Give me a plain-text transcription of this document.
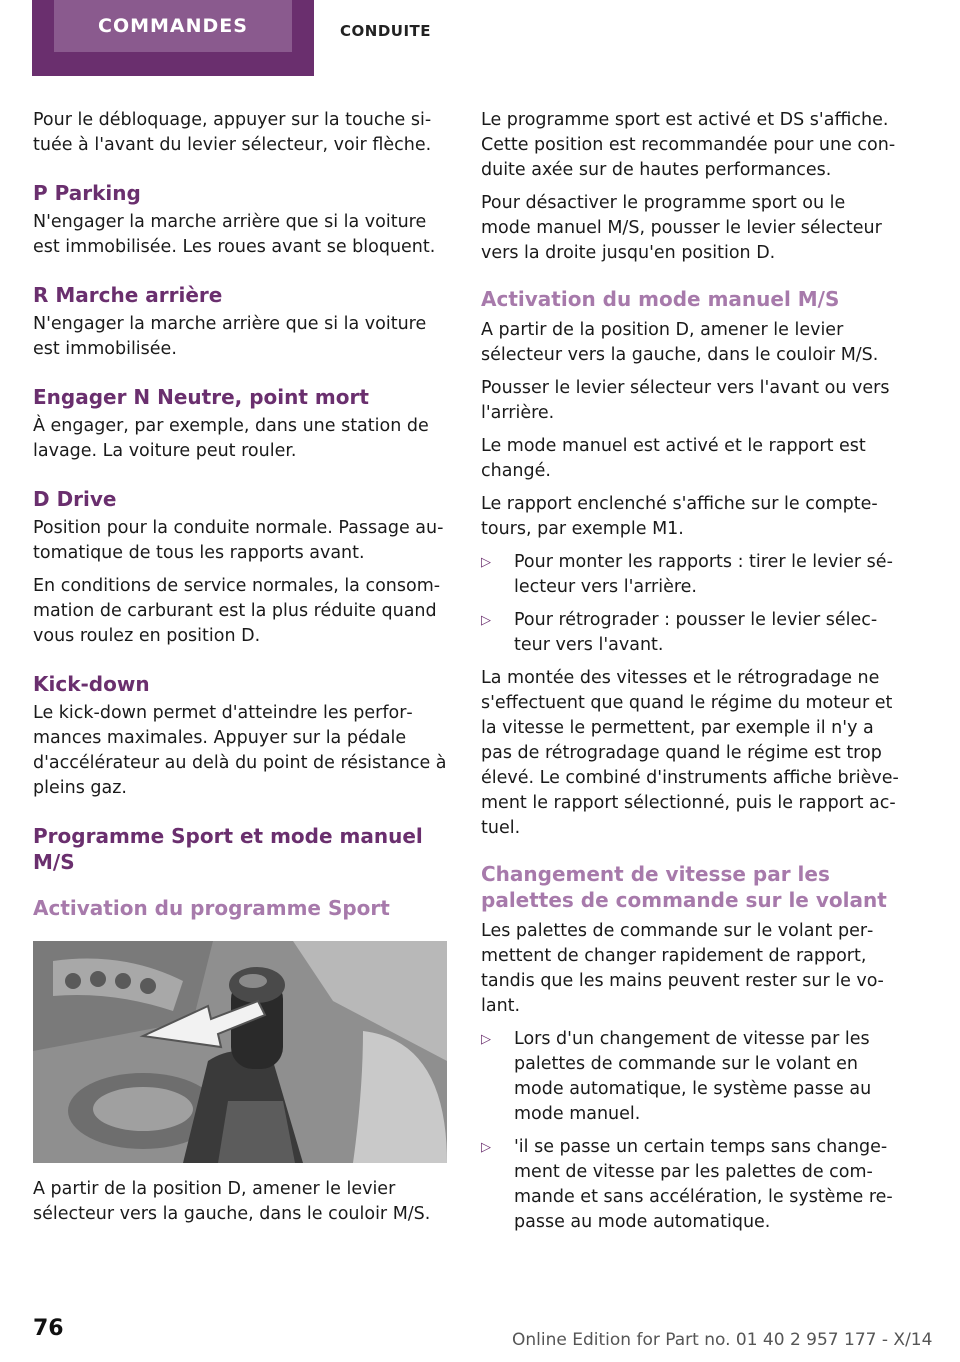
COMMANDES	CONDUITE

Pour le débloquage, appuyer sur la touche située à l'avant du levier sélecteur, voir flèche.

P Parking

N'engager la marche arrière que si la voiture est immobilisée. Les roues avant se bloquent.

R Marche arrière

N'engager la marche arrière que si la voiture est immobilisée.

Engager N Neutre, point mort

À engager, par exemple, dans une station de lavage. La voiture peut rouler.

D Drive

Position pour la conduite normale. Passage automatique de tous les rapports avant.

En conditions de service normales, la consommation de carburant est la plus réduite quand vous roulez en position D.

Kick-down

Le kick-down permet d'atteindre les performances maximales. Appuyer sur la pédale d'accélérateur au delà du point de résistance à pleins gaz.

Programme Sport et mode manuel M/S
Activation du programme Sport

A partir de la position D, amener le levier sélecteur vers la gauche, dans le couloir M/S.

Le programme sport est activé et DS s'affiche. Cette position est recommandée pour une conduite axée sur de hautes performances.

Pour désactiver le programme sport ou le mode manuel M/S, pousser le levier sélecteur vers la droite jusqu'en position D.

Activation du mode manuel M/S

A partir de la position D, amener le levier sélecteur vers la gauche, dans le couloir M/S.

Pousser le levier sélecteur vers l'avant ou vers l'arrière.

Le mode manuel est activé et le rapport est changé.

Le rapport enclenché s'affiche sur le compte-tours, par exemple M1.

▷ Pour monter les rapports : tirer le levier sélecteur vers l'arrière.
▷ Pour rétrograder : pousser le levier sélecteur vers l'avant.

La montée des vitesses et le rétrogradage ne s'effectuent que quand le régime du moteur et la vitesse le permettent, par exemple il n'y a pas de rétrogradage quand le régime est trop élevé. Le combiné d'instruments affiche brièvement le rapport sélectionné, puis le rapport actuel.

Changement de vitesse par les palettes de commande sur le volant

Les palettes de commande sur le volant permettent de changer rapidement de rapport, tandis que les mains peuvent rester sur le volant.

▷ Lors d'un changement de vitesse par les palettes de commande sur le volant en mode automatique, le système passe au mode manuel.
▷ 'il se passe un certain temps sans changement de vitesse par les palettes de commande et sans accélération, le système repasse au mode automatique.
76	Online Edition for Part no. 01 40 2 957 177 - X/14
